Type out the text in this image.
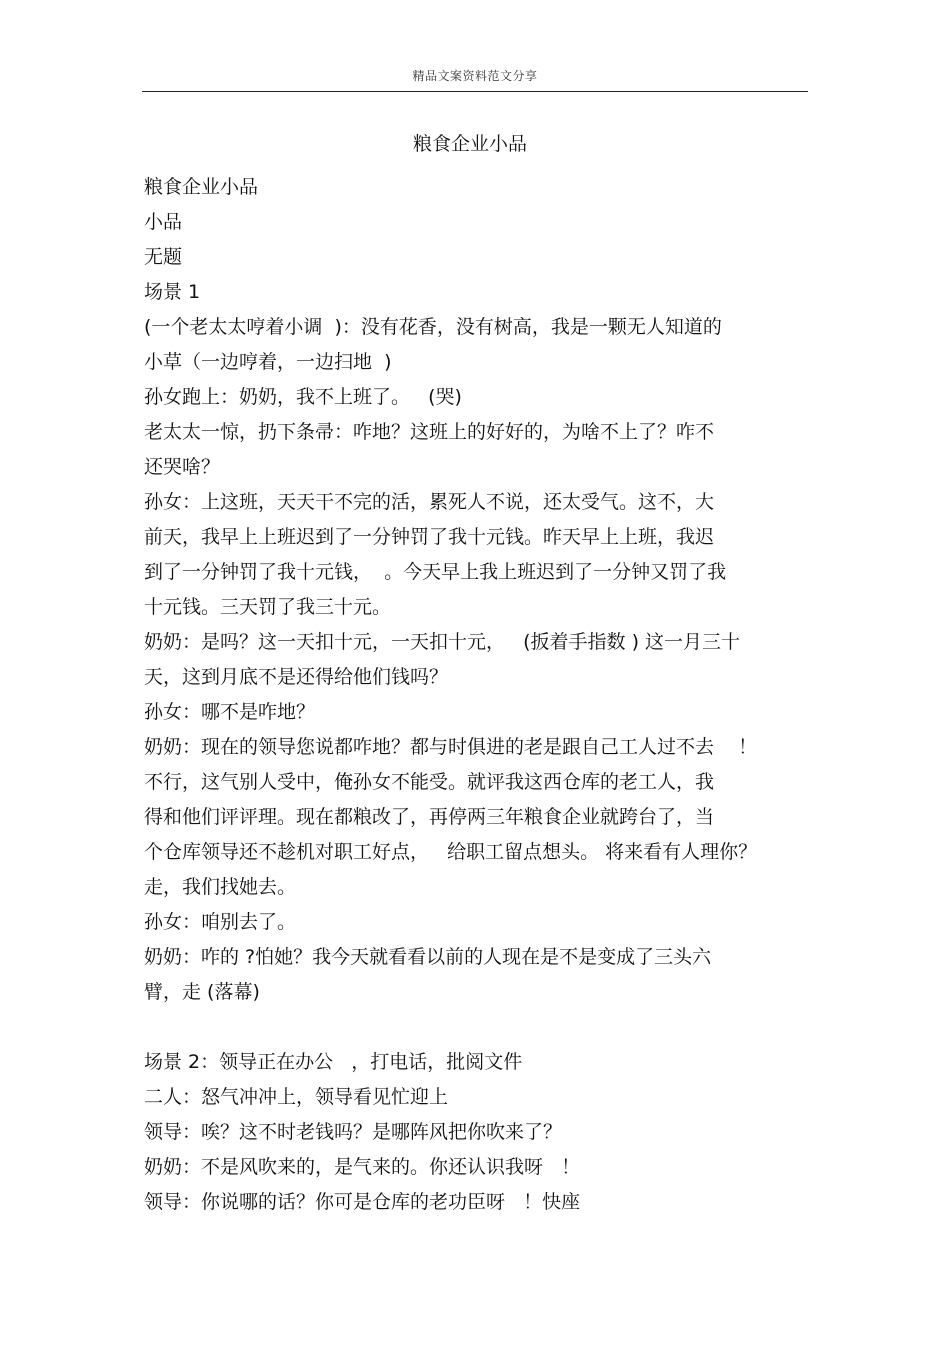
精品文案资料范文分享
粮食企业小品
粮食企业小品
小品
无题
场景 1
(一个老太太哼着小调  )：没有花香，没有树高，我是一颗无人知道的
小草（一边哼着，一边扫地  )
孙女跑上：奶奶，我不上班了。   (哭)
老太太一惊，扔下条帚：咋地？这班上的好好的，为啥不上了？咋不
还哭啥？
孙女：上这班，天天干不完的活，累死人不说，还太受气。这不，大
前天，我早上上班迟到了一分钟罚了我十元钱。昨天早上上班，我迟
到了一分钟罚了我十元钱，  。今天早上我上班迟到了一分钟又罚了我
十元钱。三天罚了我三十元。
奶奶：是吗？这一天扣十元，一天扣十元，   (扳着手指数 ) 这一月三十
天，这到月底不是还得给他们钱吗？
孙女：哪不是咋地？
奶奶：现在的领导您说都咋地？都与时俱进的老是跟自己工人过不去    ！
不行，这气别人受中，俺孙女不能受。就评我这西仓库的老工人，我
得和他们评评理。现在都粮改了，再停两三年粮食企业就跨台了，当
个仓库领导还不趁机对职工好点，   给职工留点想头。 将来看有人理你？
走，我们找她去。
孙女：咱别去了。
奶奶：咋的 ?怕她？我今天就看看以前的人现在是不是变成了三头六
臂，走 (落幕)
场景 2：领导正在办公   ，打电话，批阅文件
二人：怒气冲冲上，领导看见忙迎上
领导：唉？这不时老钱吗？是哪阵风把你吹来了？
奶奶：不是风吹来的，是气来的。你还认识我呀   ！
领导：你说哪的话？你可是仓库的老功臣呀   ！快座
